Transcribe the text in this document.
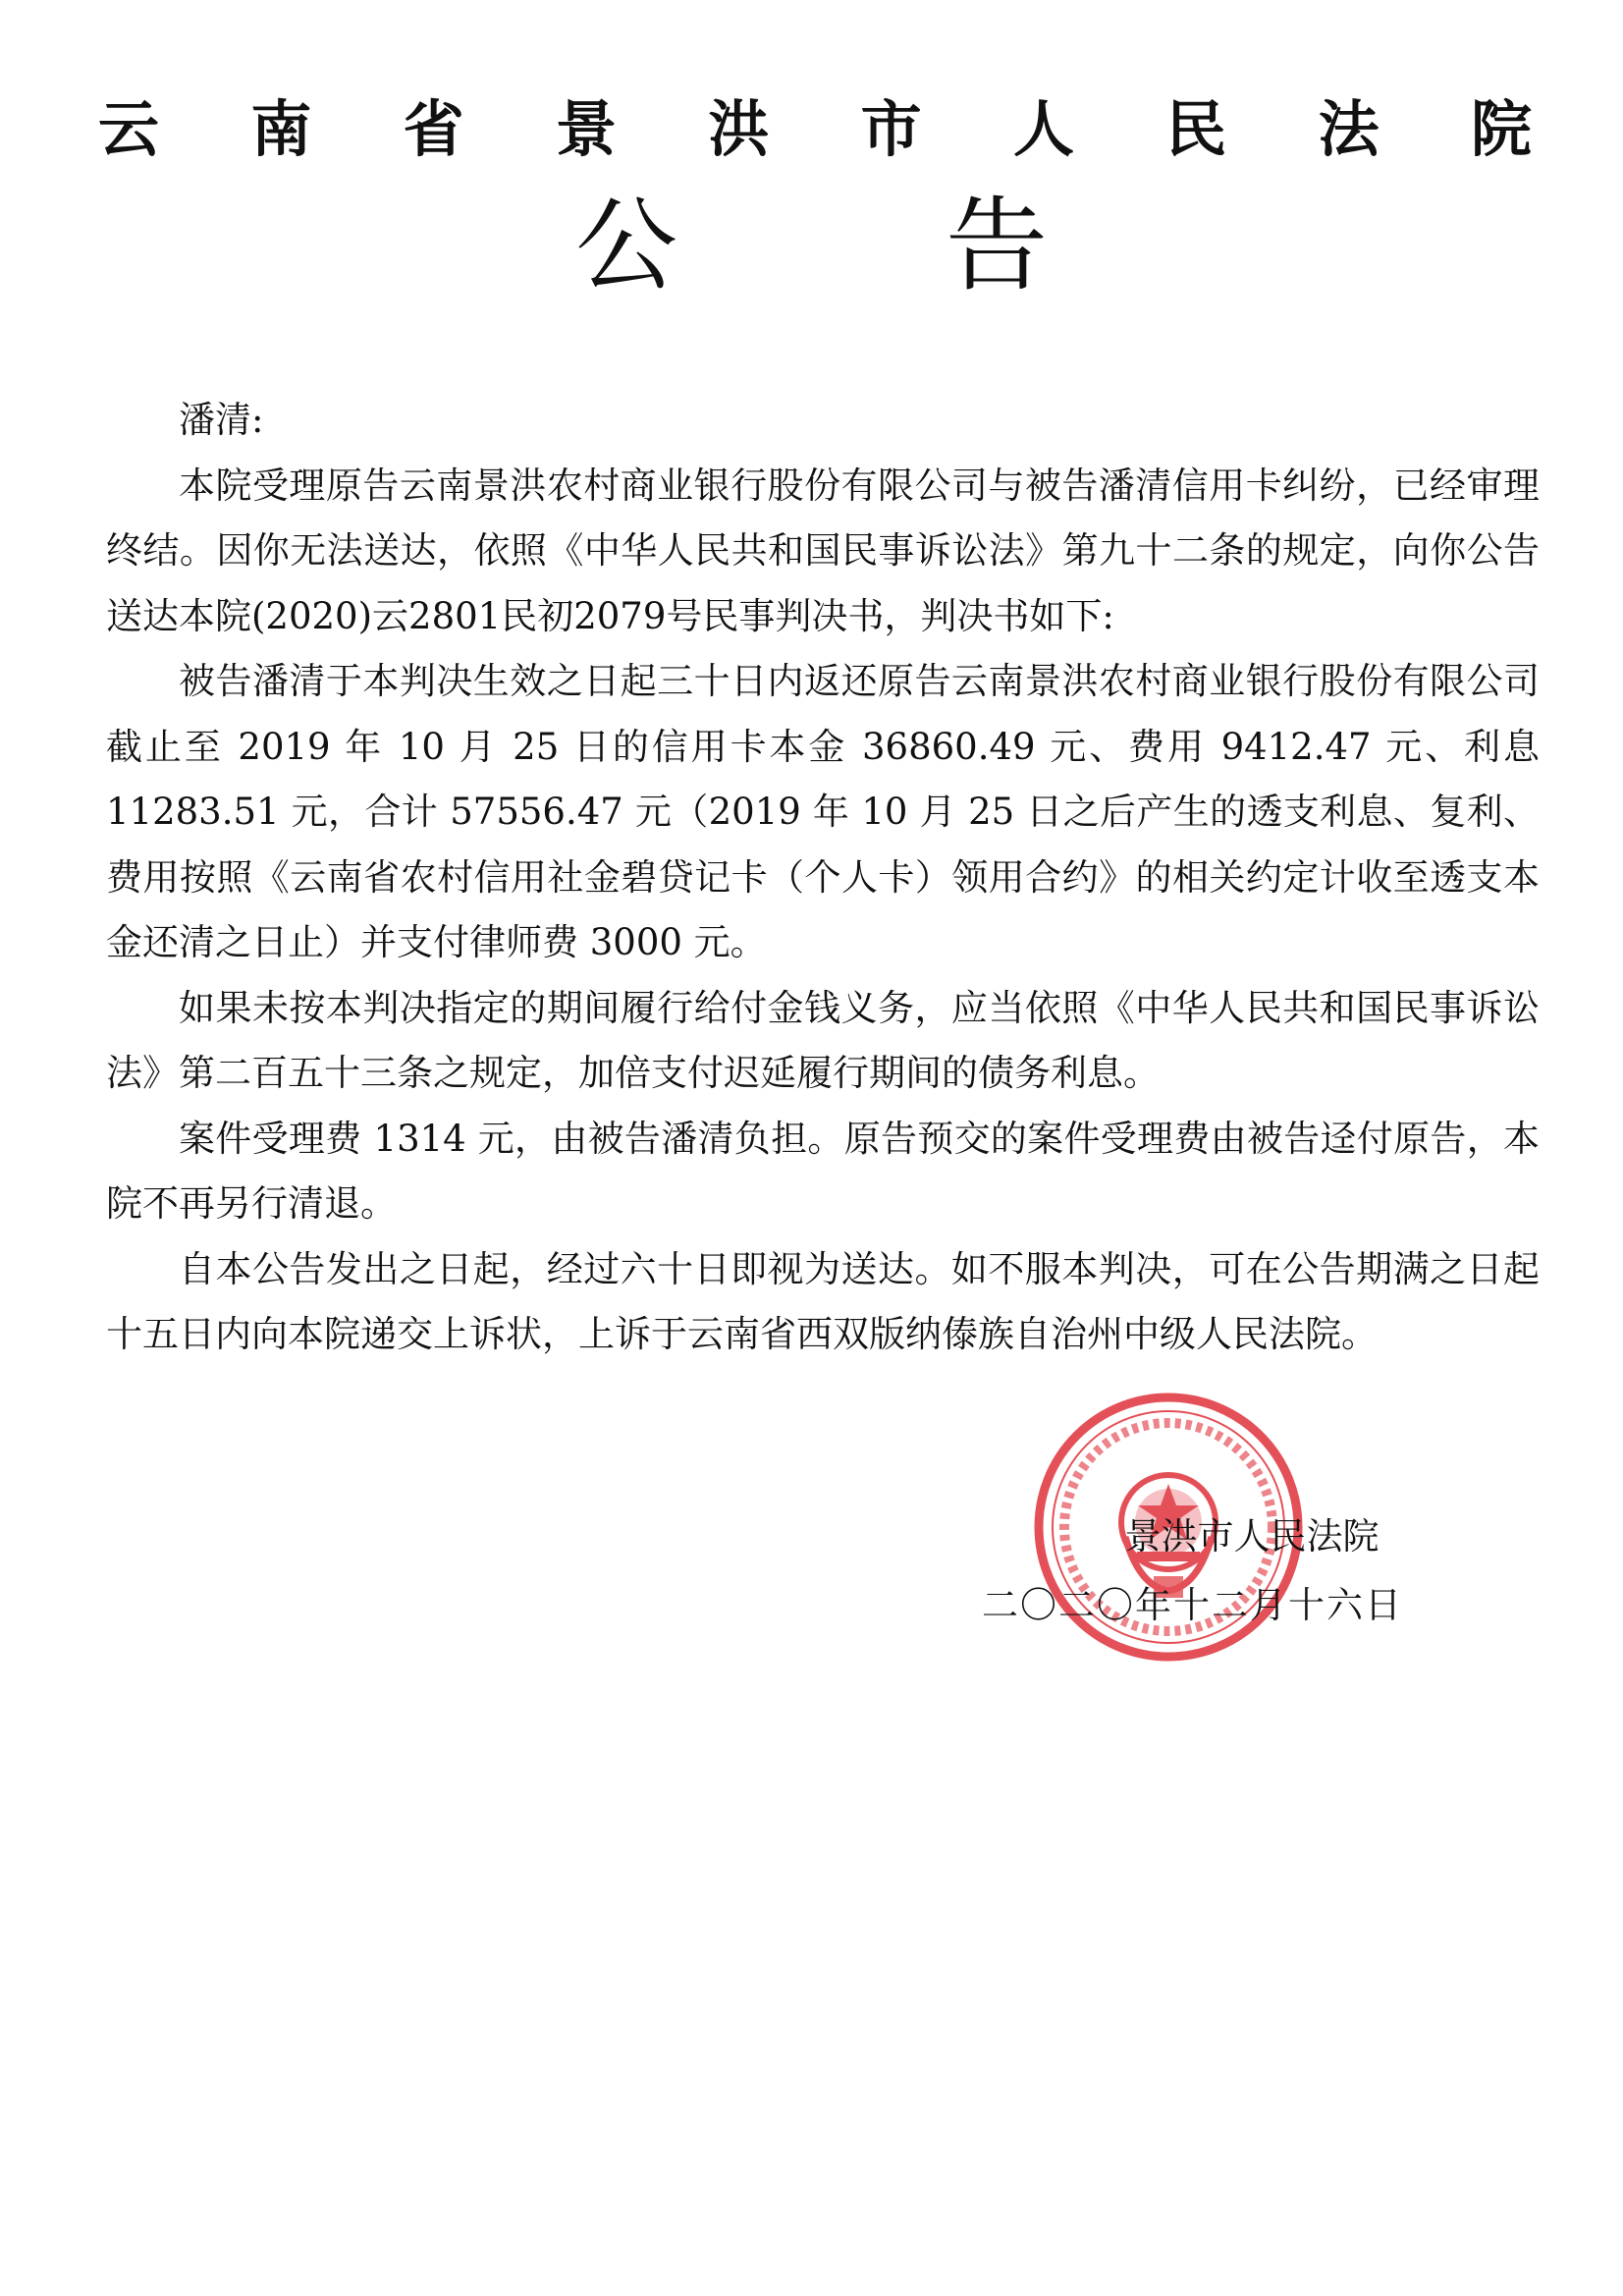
云 南 省 景 洪 市 人 民 法 院
公 告

潘清:

本院受理原告云南景洪农村商业银行股份有限公司与被告潘清信用卡纠纷，已经审理终结。因你无法送达，依照《中华人民共和国民事诉讼法》第九十二条的规定，向你公告送达本院(2020)云2801民初2079号民事判决书，判决书如下:

被告潘清于本判决生效之日起三十日内返还原告云南景洪农村商业银行股份有限公司截止至 2019 年 10 月 25 日的信用卡本金 36860.49 元、费用 9412.47 元、利息 11283.51 元，合计 57556.47 元（2019 年 10 月 25 日之后产生的透支利息、复利、费用按照《云南省农村信用社金碧贷记卡（个人卡）领用合约》的相关约定计收至透支本金还清之日止）并支付律师费 3000 元。

如果未按本判决指定的期间履行给付金钱义务，应当依照《中华人民共和国民事诉讼法》第二百五十三条之规定，加倍支付迟延履行期间的债务利息。

案件受理费 1314 元，由被告潘清负担。原告预交的案件受理费由被告迳付原告，本院不再另行清退。

自本公告发出之日起，经过六十日即视为送达。如不服本判决，可在公告期满之日起十五日内向本院递交上诉状，上诉于云南省西双版纳傣族自治州中级人民法院。

景洪市人民法院
二〇二〇年十二月十六日
